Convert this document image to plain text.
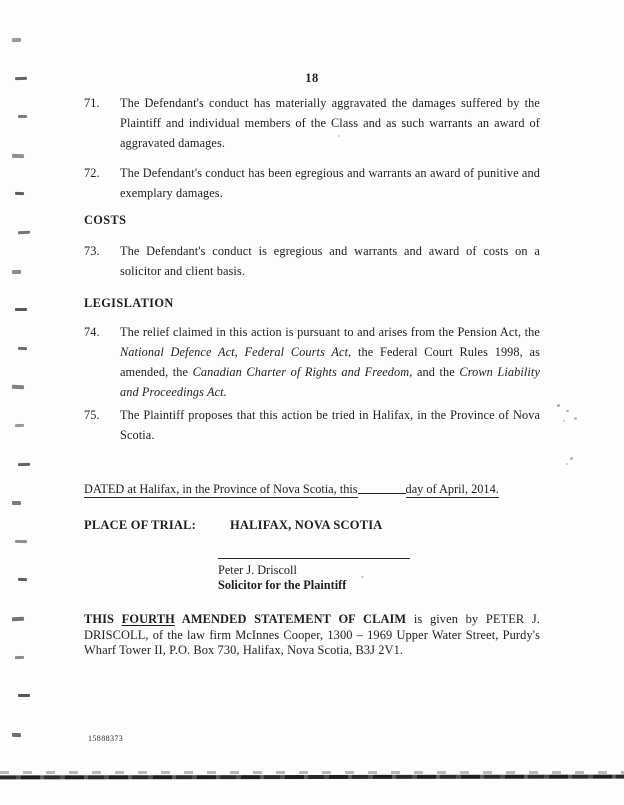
18
71.	The Defendant's conduct has materially aggravated the damages suffered by the Plaintiff and individual members of the Class and as such warrants an award of aggravated damages.
72.	The Defendant's conduct has been egregious and warrants an award of punitive and exemplary damages.
COSTS
73.	The Defendant's conduct is egregious and warrants and award of costs on a solicitor and client basis.
LEGISLATION
74.	The relief claimed in this action is pursuant to and arises from the Pension Act, the National Defence Act, Federal Courts Act, the Federal Court Rules 1998, as amended, the Canadian Charter of Rights and Freedom, and the Crown Liability and Proceedings Act.
75.	The Plaintiff proposes that this action be tried in Halifax, in the Province of Nova Scotia.
DATED at Halifax, in the Province of Nova Scotia, this	day of April, 2014.
PLACE OF TRIAL:	HALIFAX, NOVA SCOTIA
Peter J. Driscoll
Solicitor for the Plaintiff
THIS FOURTH AMENDED STATEMENT OF CLAIM is given by PETER J. DRISCOLL, of the law firm McInnes Cooper, 1300 – 1969 Upper Water Street, Purdy's Wharf Tower II, P.O. Box 730, Halifax, Nova Scotia, B3J 2V1.
15888373
